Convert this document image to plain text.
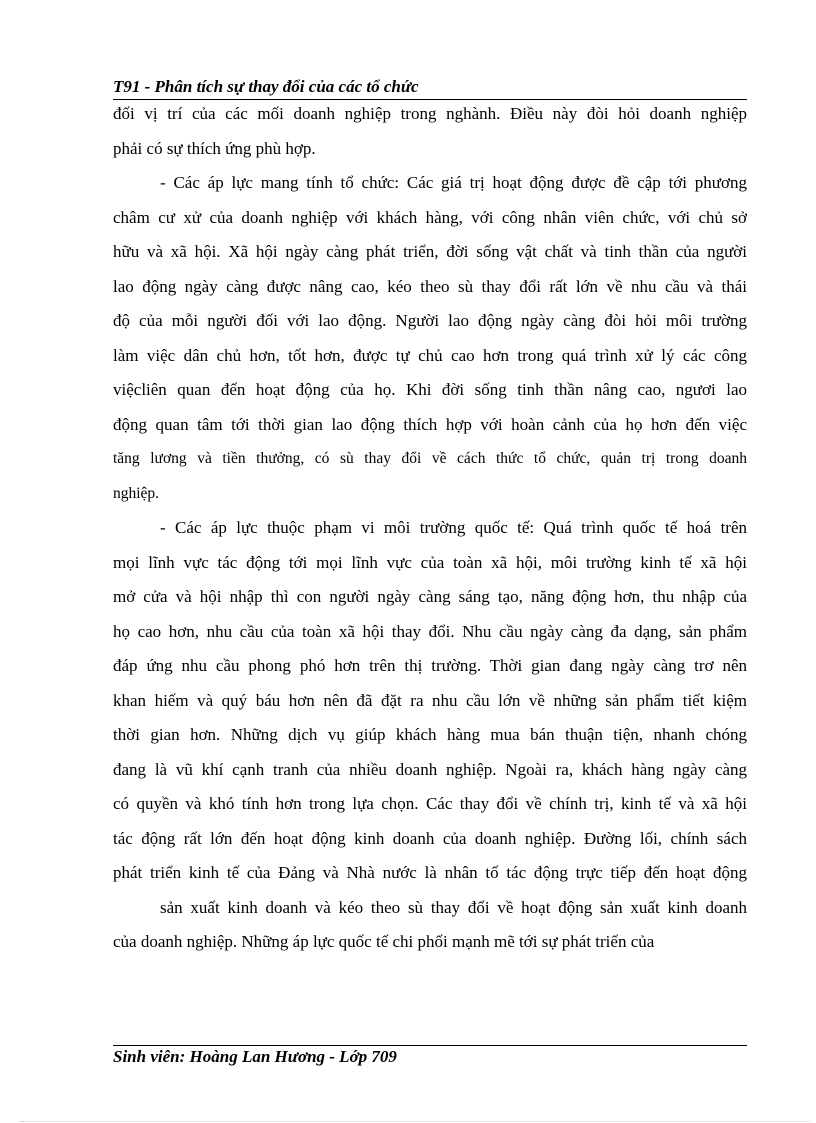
T91 - Phân tích sự thay đổi của các tổ chức
đối vị trí của các mối doanh nghiệp trong nghành. Điều này đòi hỏi doanh nghiệp
phải có sự thích ứng phù hợp.
- Các áp lực mang tính tổ chức: Các giá trị hoạt động được đề cập tới phương
châm cư xử của doanh nghiệp với khách hàng, với công nhân viên chức, với chủ sở
hữu và xã hội. Xã hội ngày càng phát triển, đời sống vật chất và tinh thần của người
lao động ngày càng được nâng cao, kéo theo sù thay đổi rất lớn về nhu cầu và thái
độ của mỗi người đối với lao động. Người lao động ngày càng đòi hỏi môi trường
làm việc dân chủ hơn, tốt hơn, được tự chủ cao hơn trong quá trình xử lý các công
việcliên quan đến hoạt động của họ. Khi đời sống tinh thần nâng cao, ngươi lao
động quan tâm tới thời gian lao động thích hợp với hoàn cảnh của họ hơn đến việc
tăng lương và tiền thưởng, có sù thay đổi về cách thức tổ chức, quản trị trong doanh
nghiệp.
- Các áp lực thuộc phạm vi môi trường quốc tế: Quá trình quốc tế hoá trên
mọi lĩnh vực tác động tới mọi lĩnh vực của toàn xã hội, môi trường kinh tế xã hội
mở cửa và hội nhập thì con người ngày càng sáng tạo, năng động hơn, thu nhập của
họ cao hơn, nhu cầu của toàn xã hội thay đổi. Nhu cầu ngày càng đa dạng, sản phẩm
đáp ứng nhu cầu phong phó hơn trên thị trường. Thời gian đang ngày càng trơ nên
khan hiếm và quý báu hơn nên đã đặt ra nhu cầu lớn về những sản phẩm tiết kiệm
thời gian hơn. Những dịch vụ giúp khách hàng mua bán thuận tiện, nhanh chóng
đang là vũ khí cạnh tranh của nhiều doanh nghiệp. Ngoài ra, khách hàng ngày càng
có quyền và khó tính hơn trong lựa chọn. Các thay đổi về chính trị, kinh tế và xã hội
tác động rất lớn đến hoạt động kinh doanh của doanh nghiệp. Đường lối, chính sách
phát triển kinh tế của Đảng và Nhà nước là nhân tố tác động trực tiếp đến hoạt động
sản xuất kinh doanh và kéo theo sù thay đổi về hoạt động sản xuất kinh doanh
của doanh nghiệp. Những áp lực quốc tế chi phối mạnh mẽ tới sự phát triển của
Sinh viên: Hoàng Lan Hương - Lớp 709
